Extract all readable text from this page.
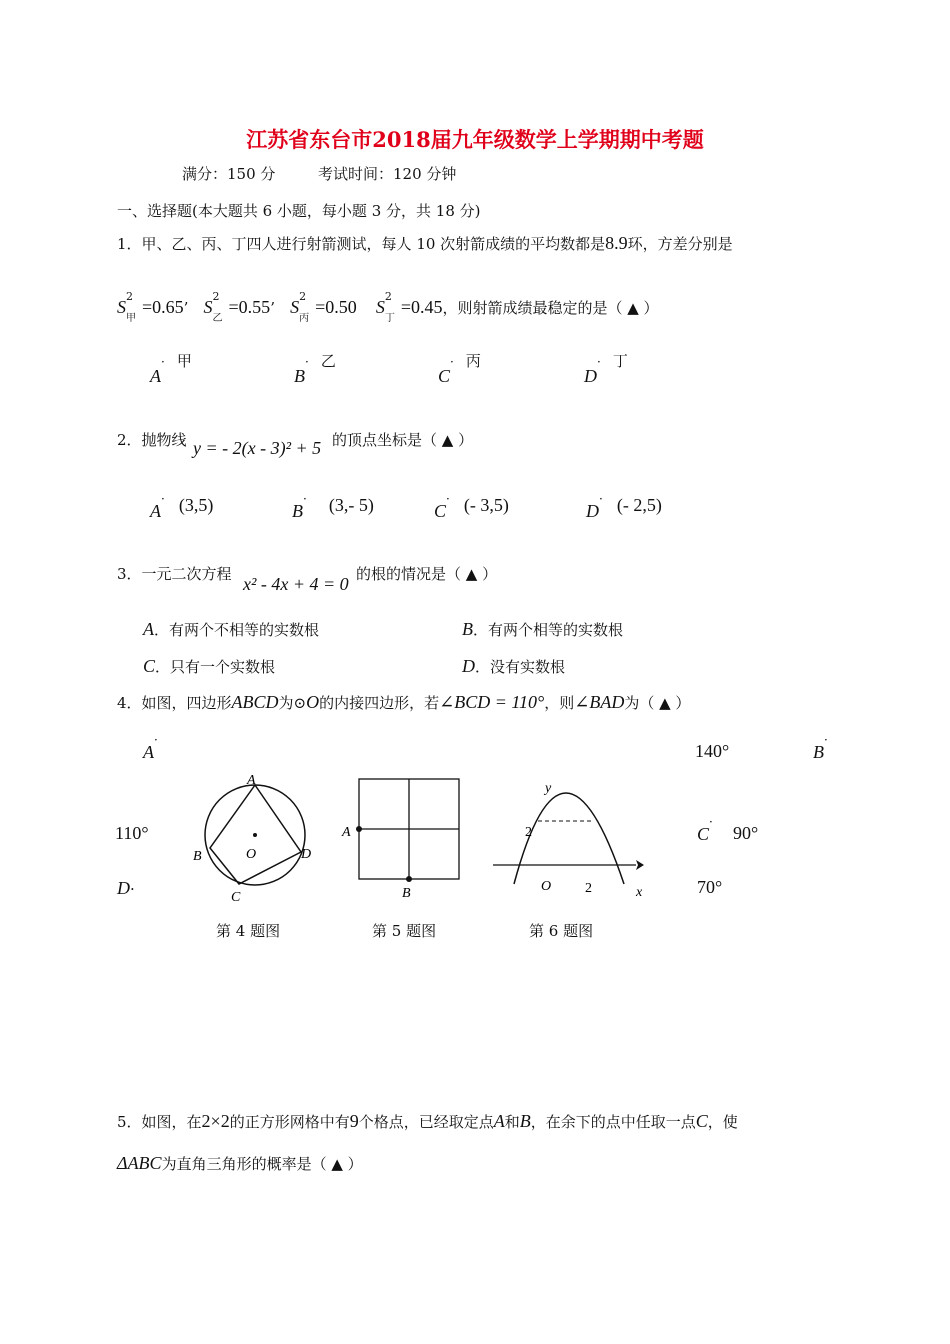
江苏省东台市2018届九年级数学上学期期中考题
满分：150 分	考试时间：120 分钟
一、选择题(本大题共 6 小题，每小题 3 分，共 18 分)
1．甲、乙、丙、丁四人进行射箭测试，每人 10 次射箭成绩的平均数都是8.9环，方差分别是
S
2
$_甲$=0.65’ S
2
$_乙$=0.55’ S
2
$_丙$=0.50 S
2
$_丁$=0.45，则射箭成绩最稳定的是（ ▲ ）
A· 甲
B· 乙
C· 丙
D· 丁
2．抛物线 y = - 2(x - 3)² + 5 的顶点坐标是（ ▲ ）
A· (3,5)	B· (3,- 5)	C· (- 3,5)	D· (- 2,5)
3．一元二次方程 x² - 4x + 4 = 0 的根的情况是（ ▲ ）
A．有两个不相等的实数根	B．有两个相等的实数根
C．只有一个实数根	D．没有实数根
4．如图，四边形ABCD为⊙O的内接四边形，若∠BCD = 110°，则∠BAD为（ ▲ ）
A·
140°	B·
110°	C·
90°
D·	70°
A
B
C
D
O
第 4 题图
A
B
第 5 题图
y
x
O 2
2
第 6 题图
5．如图，在2×2的正方形网格中有9个格点，已经取定点A和B，在余下的点中任取一点C，使
ΔABC为直角三角形的概率是（ ▲ ）
